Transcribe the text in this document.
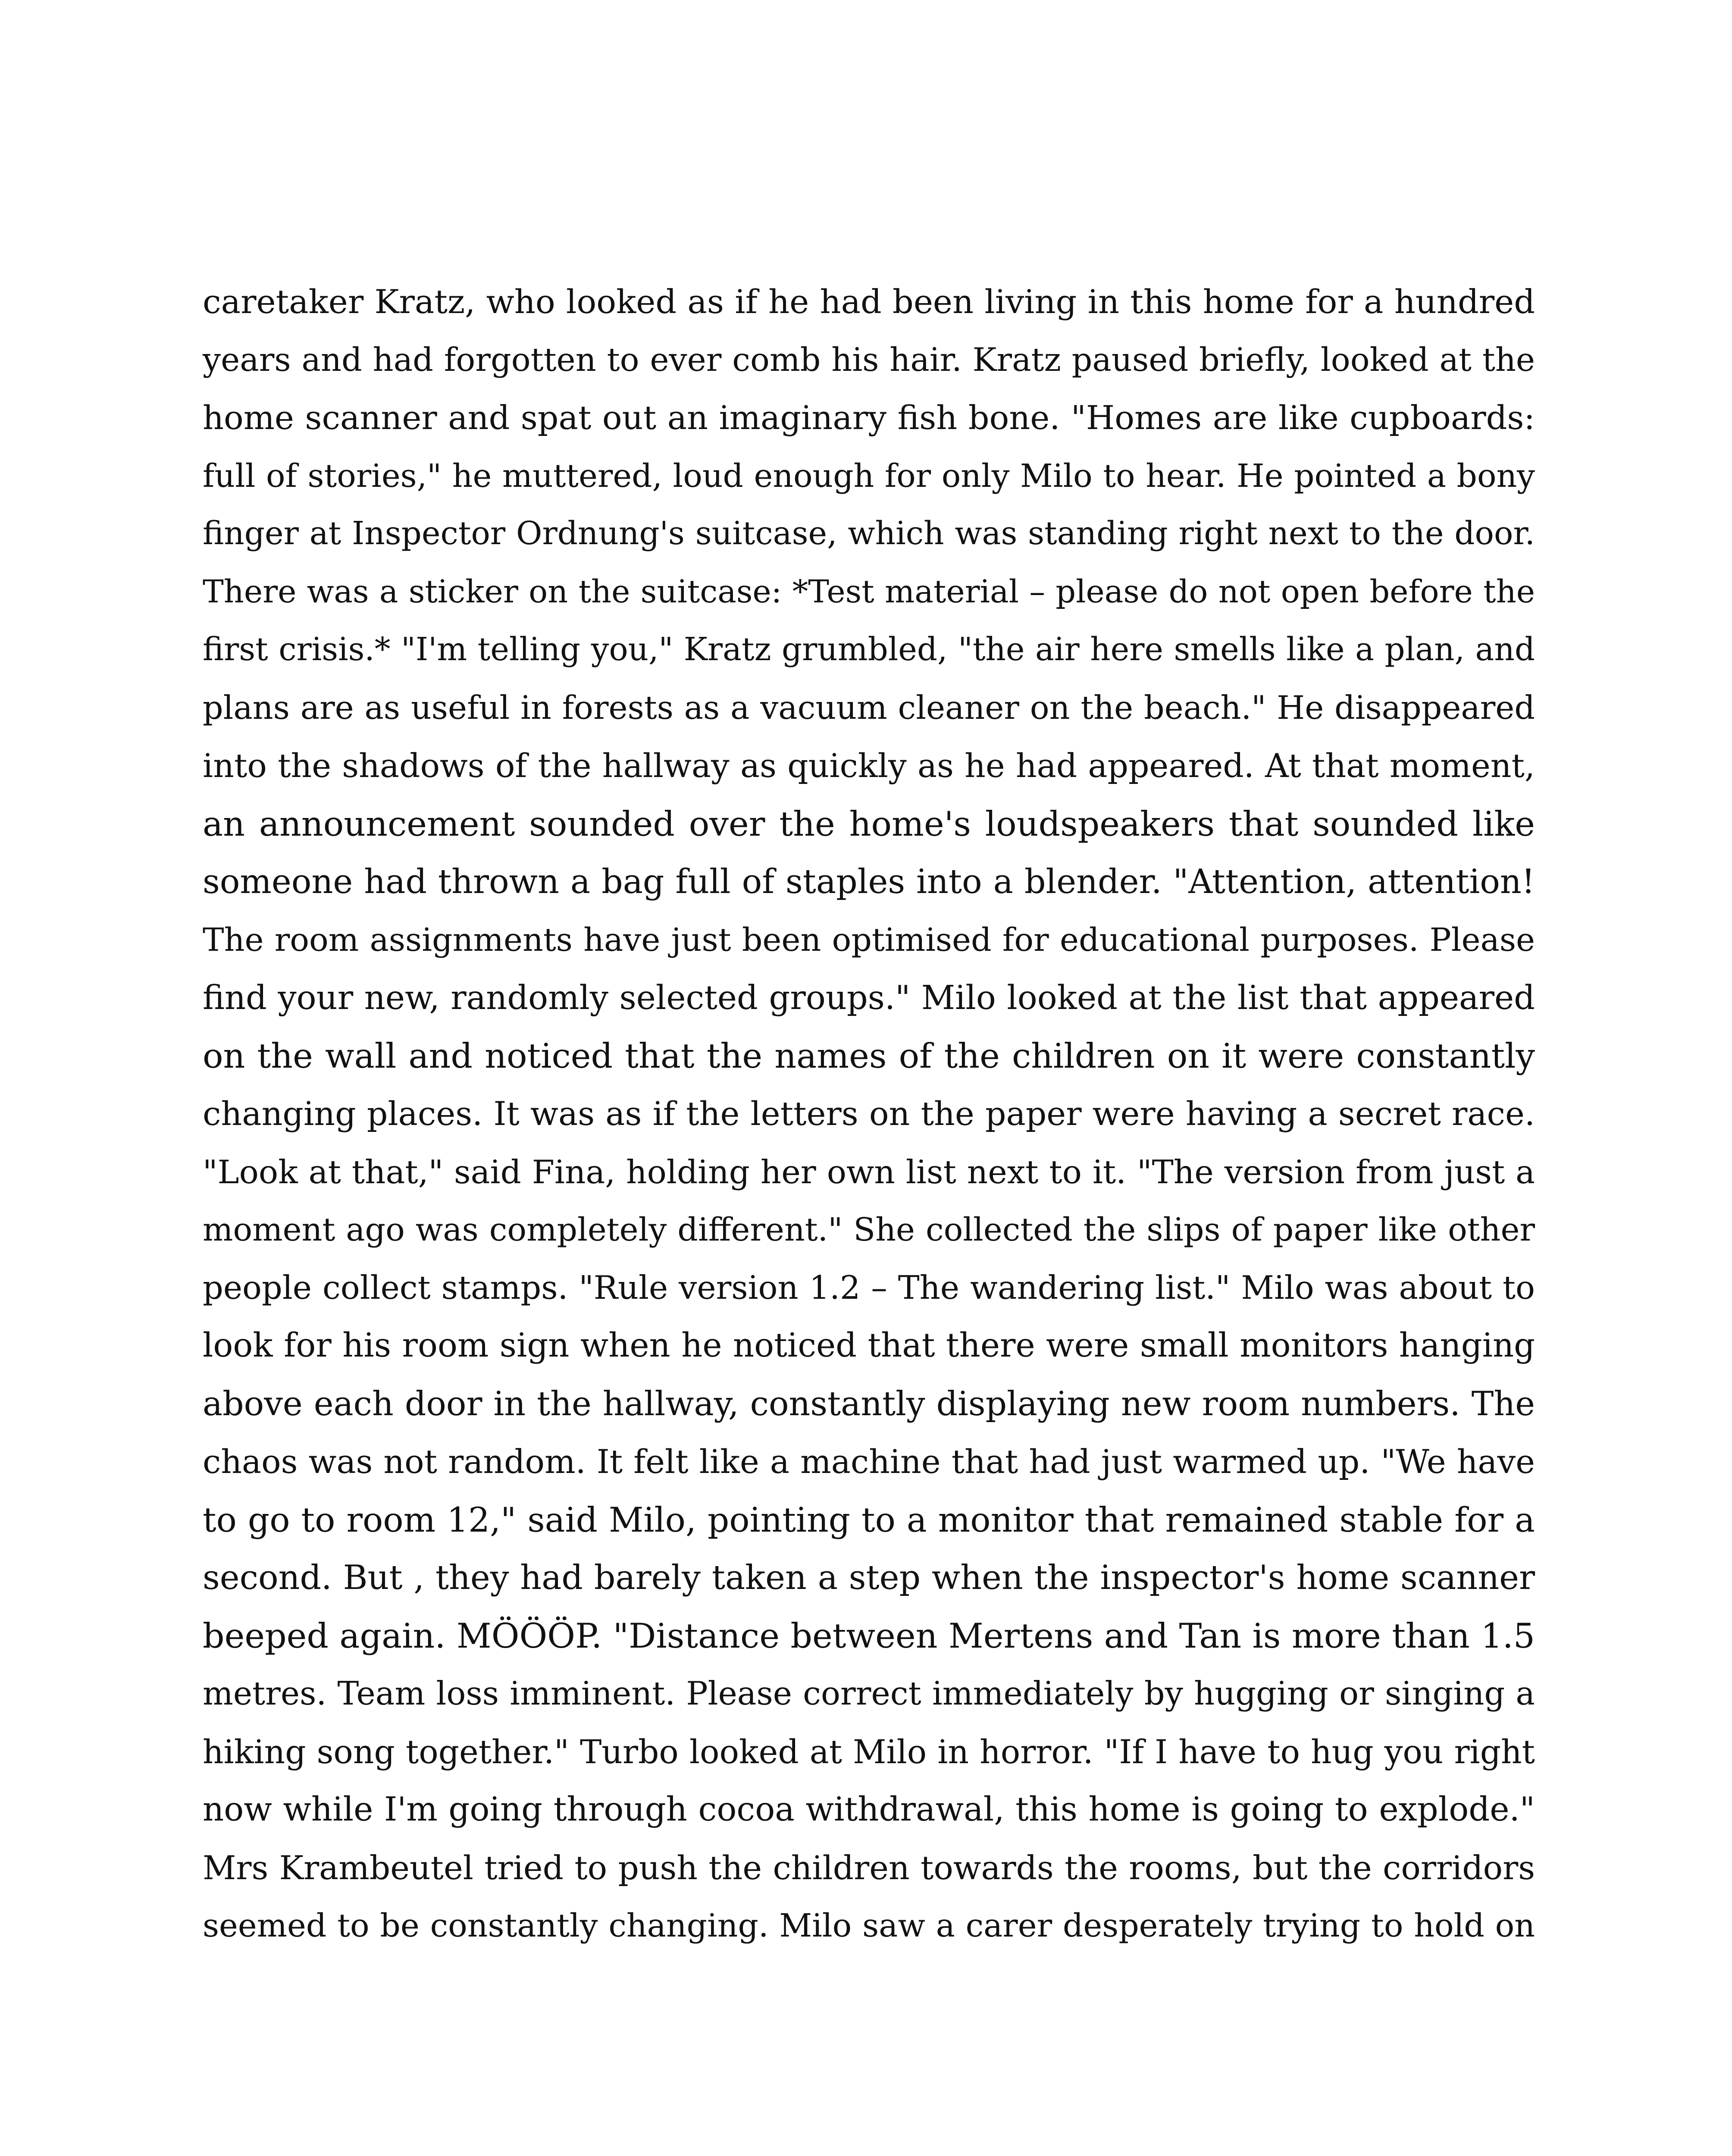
caretaker Kratz, who looked as if he had been living in this home for a hundred
years and had forgotten to ever comb his hair. Kratz paused briefly, looked at the
home scanner and spat out an imaginary fish bone. "Homes are like cupboards:
full of stories," he muttered, loud enough for only Milo to hear. He pointed a bony
finger at Inspector Ordnung's suitcase, which was standing right next to the door.
There was a sticker on the suitcase: *Test material – please do not open before the
first crisis.* "I'm telling you," Kratz grumbled, "the air here smells like a plan, and
plans are as useful in forests as a vacuum cleaner on the beach." He disappeared
into the shadows of the hallway as quickly as he had appeared. At that moment,
an announcement sounded over the home's loudspeakers that sounded like
someone had thrown a bag full of staples into a blender. "Attention, attention!
The room assignments have just been optimised for educational purposes. Please
find your new, randomly selected groups." Milo looked at the list that appeared
on the wall and noticed that the names of the children on it were constantly
changing places. It was as if the letters on the paper were having a secret race.
"Look at that," said Fina, holding her own list next to it. "The version from just a
moment ago was completely different." She collected the slips of paper like other
people collect stamps. "Rule version 1.2 – The wandering list." Milo was about to
look for his room sign when he noticed that there were small monitors hanging
above each door in the hallway, constantly displaying new room numbers. The
chaos was not random. It felt like a machine that had just warmed up. "We have
to go to room 12," said Milo, pointing to a monitor that remained stable for a
second. But , they had barely taken a step when the inspector's home scanner
beeped again. MÖÖÖP. "Distance between Mertens and Tan is more than 1.5
metres. Team loss imminent. Please correct immediately by hugging or singing a
hiking song together." Turbo looked at Milo in horror. "If I have to hug you right
now while I'm going through cocoa withdrawal, this home is going to explode."
Mrs Krambeutel tried to push the children towards the rooms, but the corridors
seemed to be constantly changing. Milo saw a carer desperately trying to hold on
